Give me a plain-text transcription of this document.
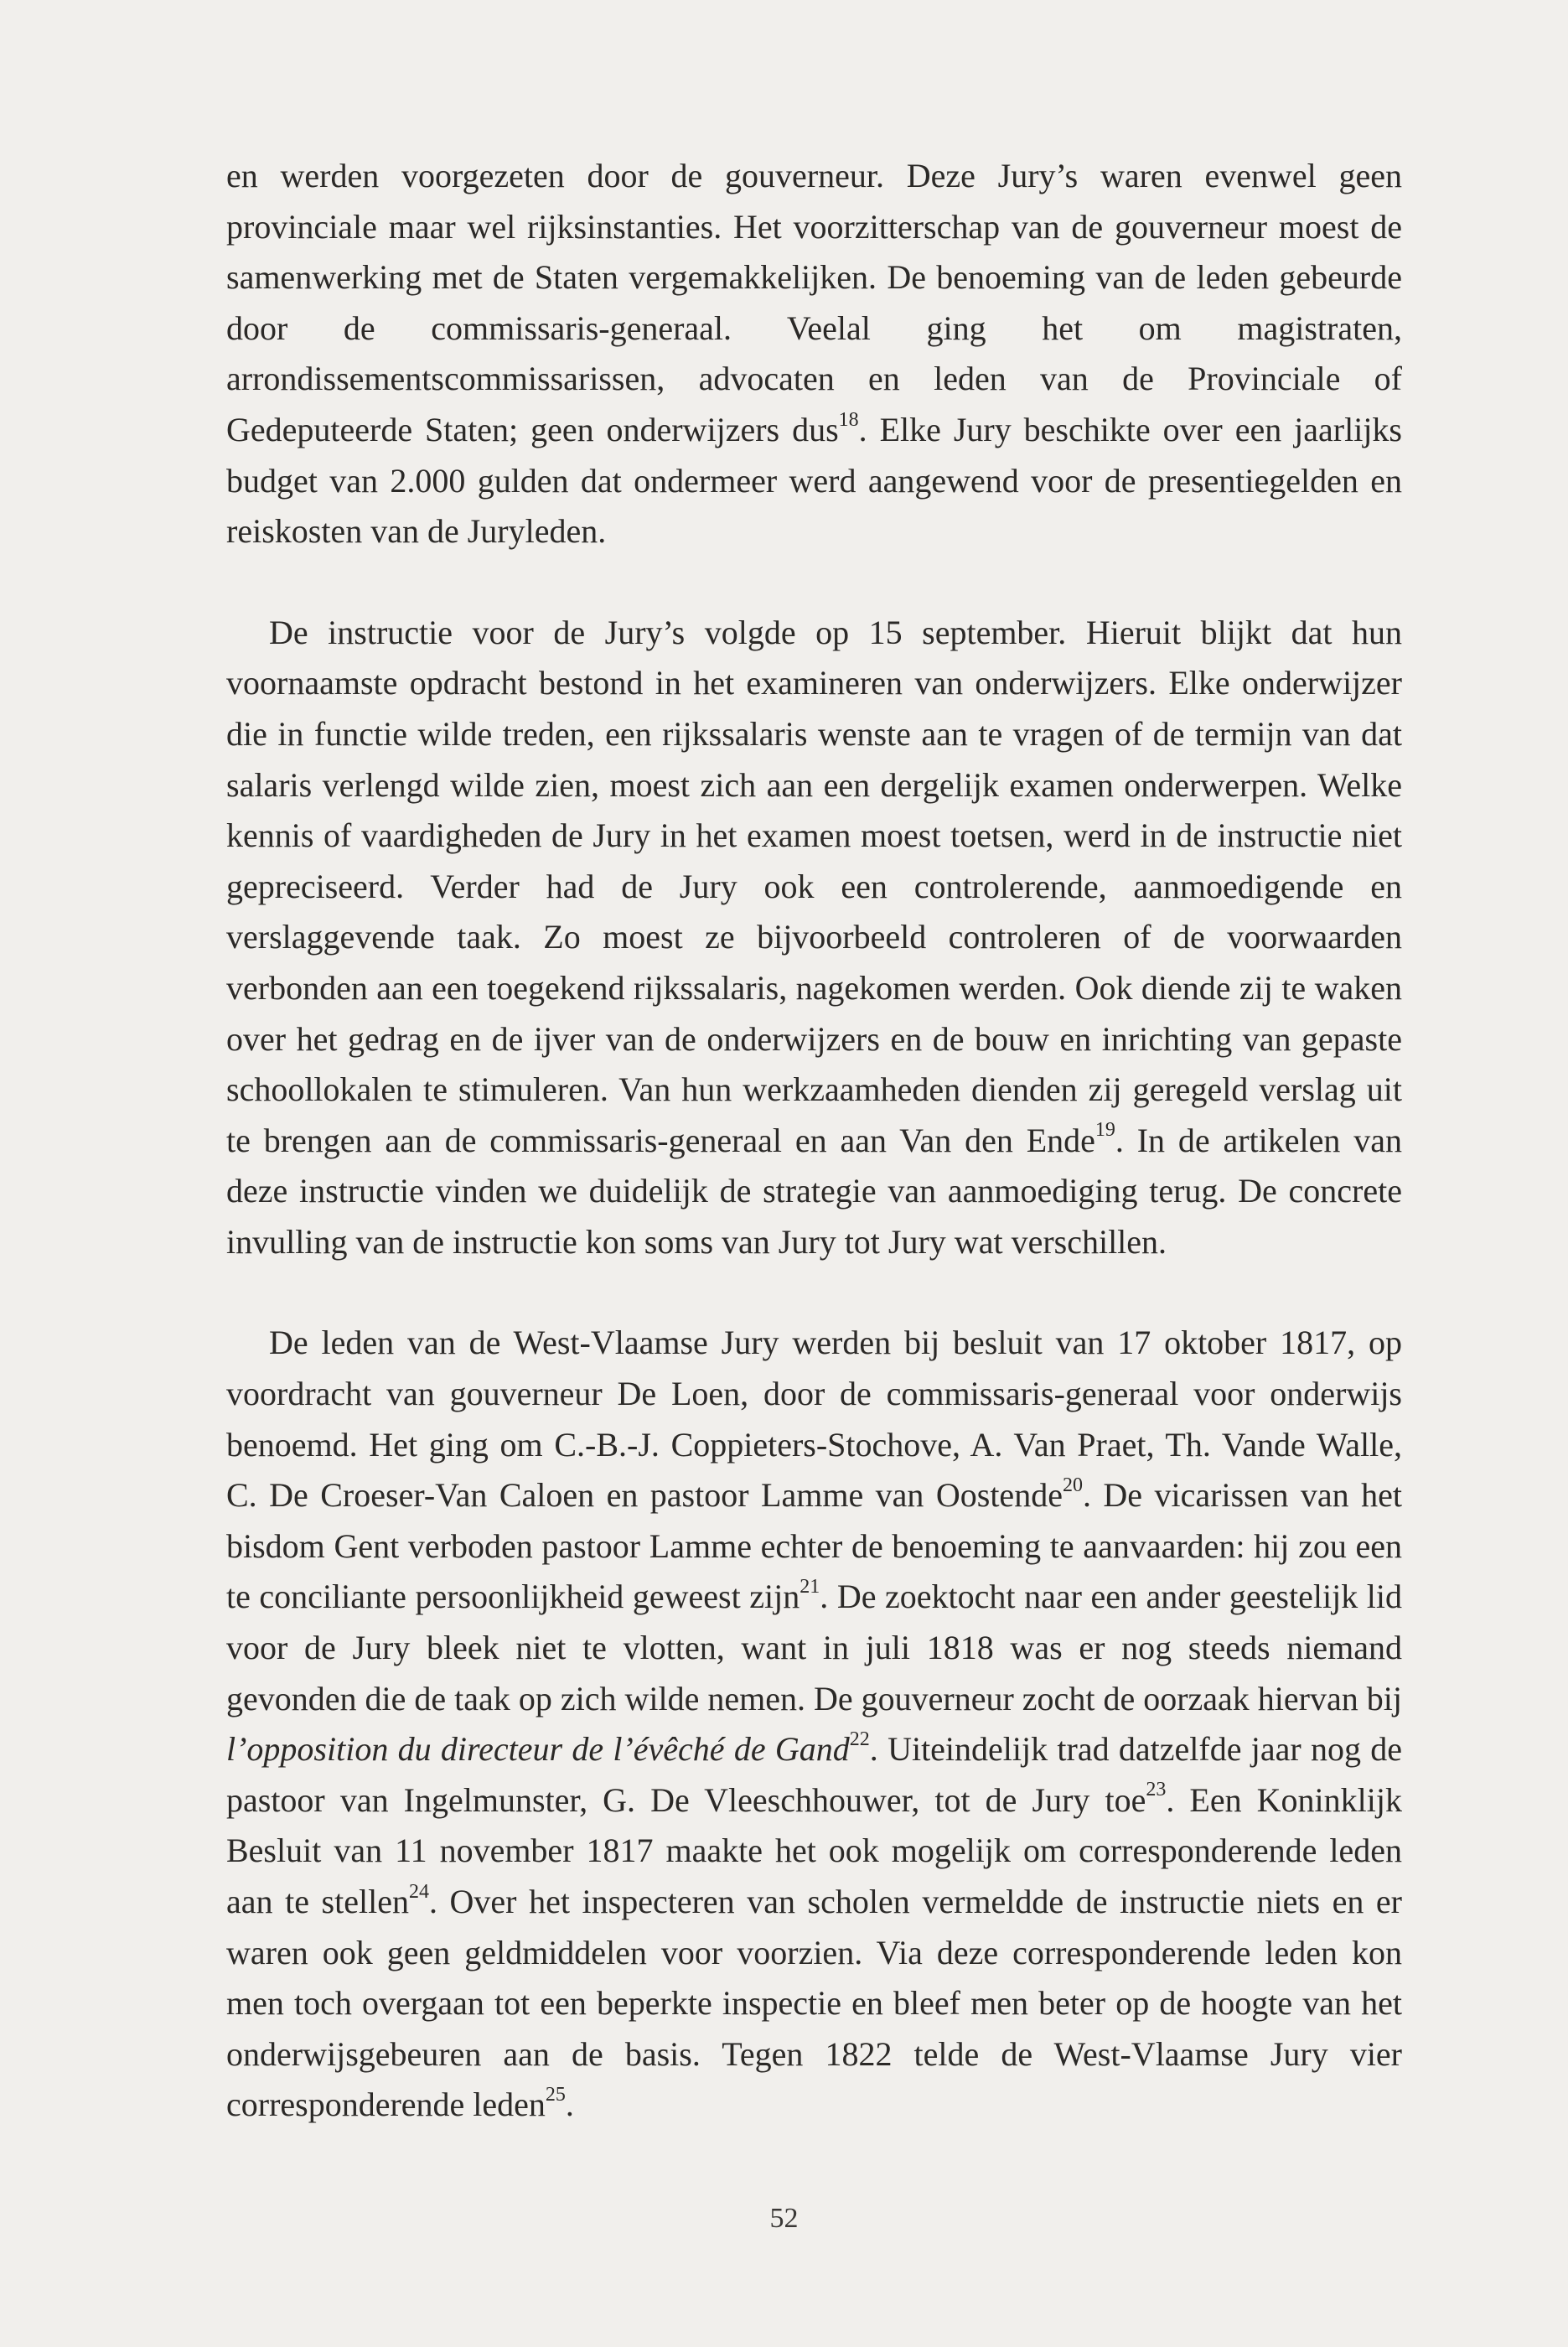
en werden voorgezeten door de gouverneur. Deze Jury’s waren evenwel geen provinciale maar wel rijksinstanties. Het voorzitterschap van de gouverneur moest de samenwerking met de Staten vergemakkelijken. De benoeming van de leden gebeurde door de commissaris-generaal. Veelal ging het om magistraten, arrondissementscommissarissen, advocaten en leden van de Provinciale of Gedeputeerde Staten; geen onderwijzers dus$^{18}$. Elke Jury beschikte over een jaarlijks budget van 2.000 gulden dat ondermeer werd aangewend voor de presentiegelden en reiskosten van de Juryleden.

De instructie voor de Jury’s volgde op 15 september. Hieruit blijkt dat hun voornaamste opdracht bestond in het examineren van onderwijzers. Elke onderwijzer die in functie wilde treden, een rijkssalaris wenste aan te vragen of de termijn van dat salaris verlengd wilde zien, moest zich aan een dergelijk examen onderwerpen. Welke kennis of vaardigheden de Jury in het examen moest toetsen, werd in de instructie niet gepreciseerd. Verder had de Jury ook een controlerende, aanmoedigende en verslaggevende taak. Zo moest ze bijvoorbeeld controleren of de voorwaarden verbonden aan een toegekend rijkssalaris, nagekomen werden. Ook diende zij te waken over het gedrag en de ijver van de onderwijzers en de bouw en inrichting van gepaste schoollokalen te stimuleren. Van hun werkzaamheden dienden zij geregeld verslag uit te brengen aan de commissaris-generaal en aan Van den Ende$^{19}$. In de artikelen van deze instructie vinden we duidelijk de strategie van aanmoediging terug. De concrete invulling van de instructie kon soms van Jury tot Jury wat verschillen.

De leden van de West-Vlaamse Jury werden bij besluit van 17 oktober 1817, op voordracht van gouverneur De Loen, door de commissaris-generaal voor onderwijs benoemd. Het ging om C.-B.-J. Coppieters-Stochove, A. Van Praet, Th. Vande Walle, C. De Croeser-Van Caloen en pastoor Lamme van Oostende$^{20}$. De vicarissen van het bisdom Gent verboden pastoor Lamme echter de benoeming te aanvaarden: hij zou een te conciliante persoonlijkheid geweest zijn$^{21}$. De zoektocht naar een ander geestelijk lid voor de Jury bleek niet te vlotten, want in juli 1818 was er nog steeds niemand gevonden die de taak op zich wilde nemen. De gouverneur zocht de oorzaak hiervan bij l’opposition du directeur de l’évêché de Gand$^{22}$. Uiteindelijk trad datzelfde jaar nog de pastoor van Ingelmunster, G. De Vleeschhouwer, tot de Jury toe$^{23}$. Een Koninklijk Besluit van 11 november 1817 maakte het ook mogelijk om corresponderende leden aan te stellen$^{24}$. Over het inspecteren van scholen vermeldde de instructie niets en er waren ook geen geldmiddelen voor voorzien. Via deze corresponderende leden kon men toch overgaan tot een beperkte inspectie en bleef men beter op de hoogte van het onderwijsgebeuren aan de basis. Tegen 1822 telde de West-Vlaamse Jury vier corresponderende leden$^{25}$.

52
